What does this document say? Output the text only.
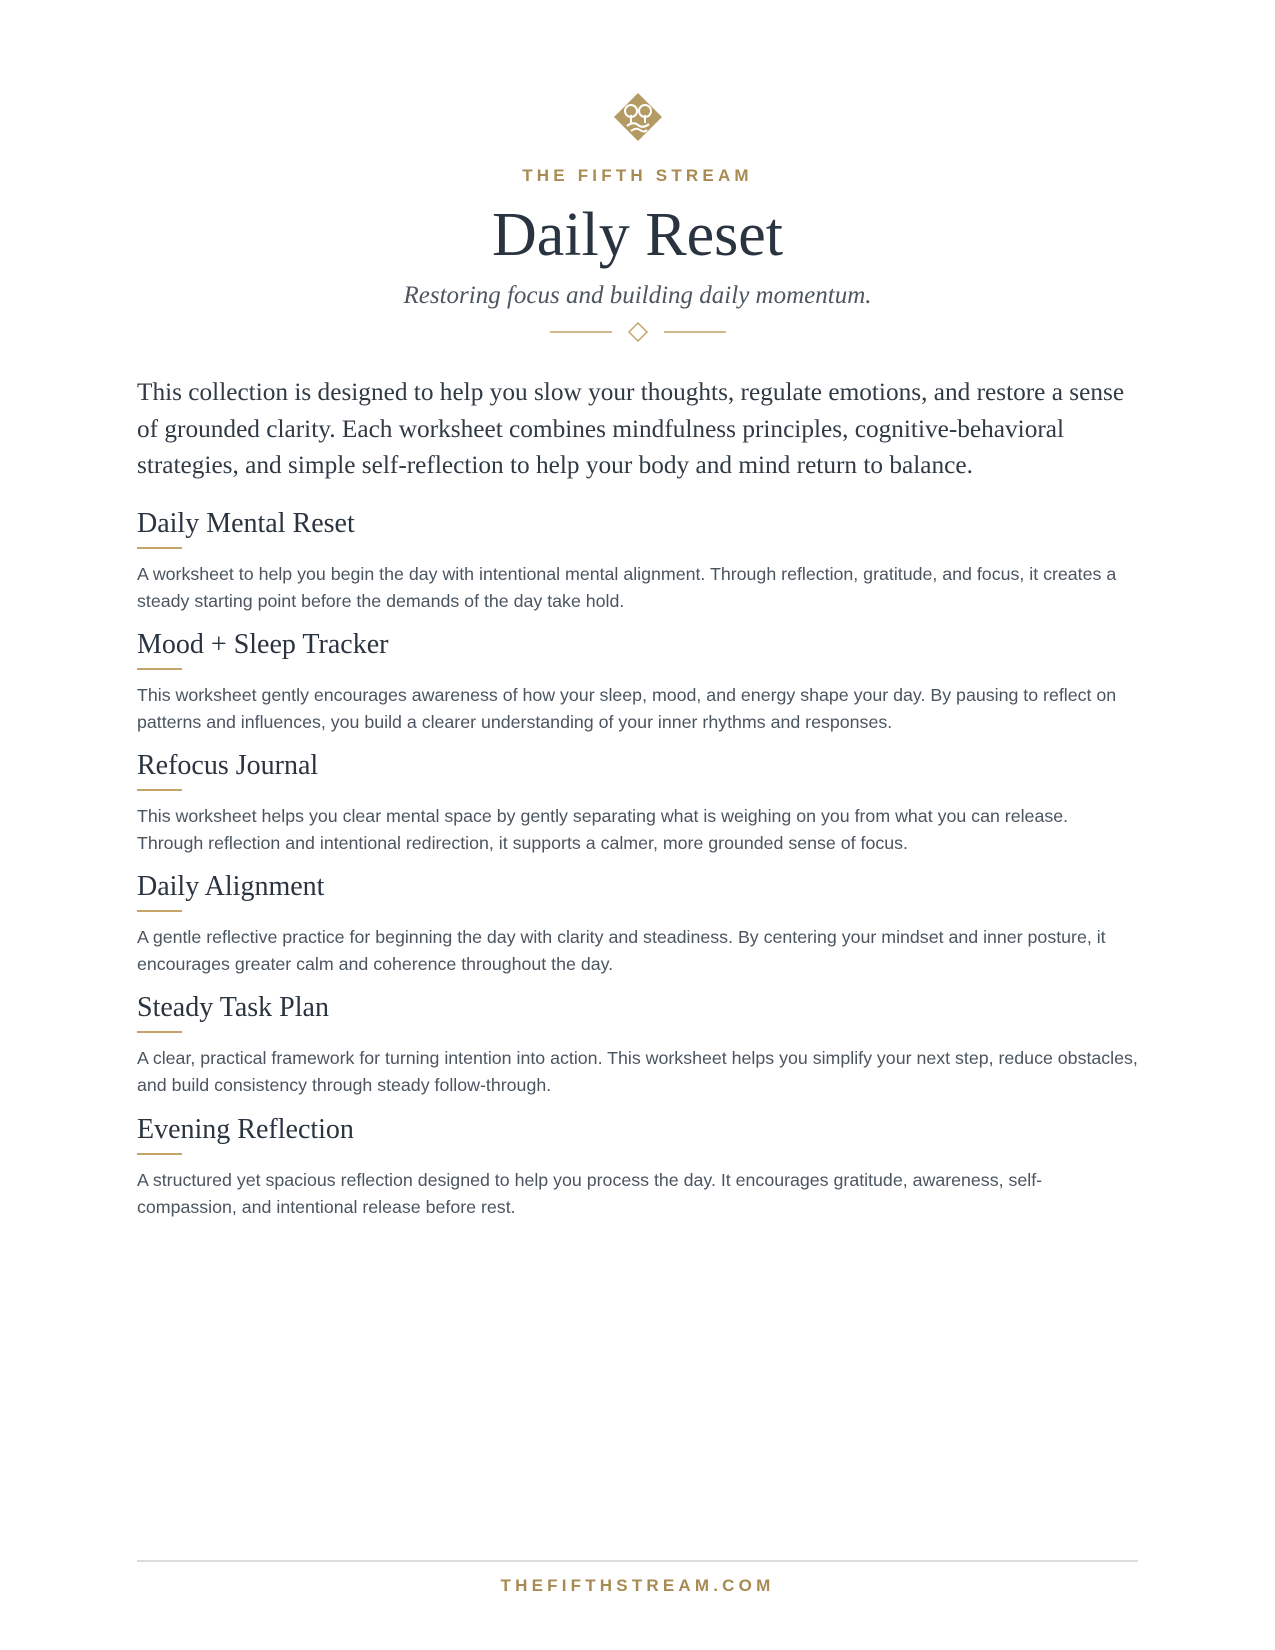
THE FIFTH STREAM
Daily Reset
Restoring focus and building daily momentum.

This collection is designed to help you slow your thoughts, regulate emotions, and restore a sense of grounded clarity. Each worksheet combines mindfulness principles, cognitive-behavioral strategies, and simple self-reflection to help your body and mind return to balance.

Daily Mental Reset

A worksheet to help you begin the day with intentional mental alignment. Through reflection, gratitude, and focus, it creates a steady starting point before the demands of the day take hold.

Mood + Sleep Tracker

This worksheet gently encourages awareness of how your sleep, mood, and energy shape your day. By pausing to reflect on patterns and influences, you build a clearer understanding of your inner rhythms and responses.

Refocus Journal

This worksheet helps you clear mental space by gently separating what is weighing on you from what you can release. Through reflection and intentional redirection, it supports a calmer, more grounded sense of focus.

Daily Alignment

A gentle reflective practice for beginning the day with clarity and steadiness. By centering your mindset and inner posture, it encourages greater calm and coherence throughout the day.

Steady Task Plan

A clear, practical framework for turning intention into action. This worksheet helps you simplify your next step, reduce obstacles, and build consistency through steady follow-through.

Evening Reflection

A structured yet spacious reflection designed to help you process the day. It encourages gratitude, awareness, self-compassion, and intentional release before rest.

THEFIFTHSTREAM.COM
